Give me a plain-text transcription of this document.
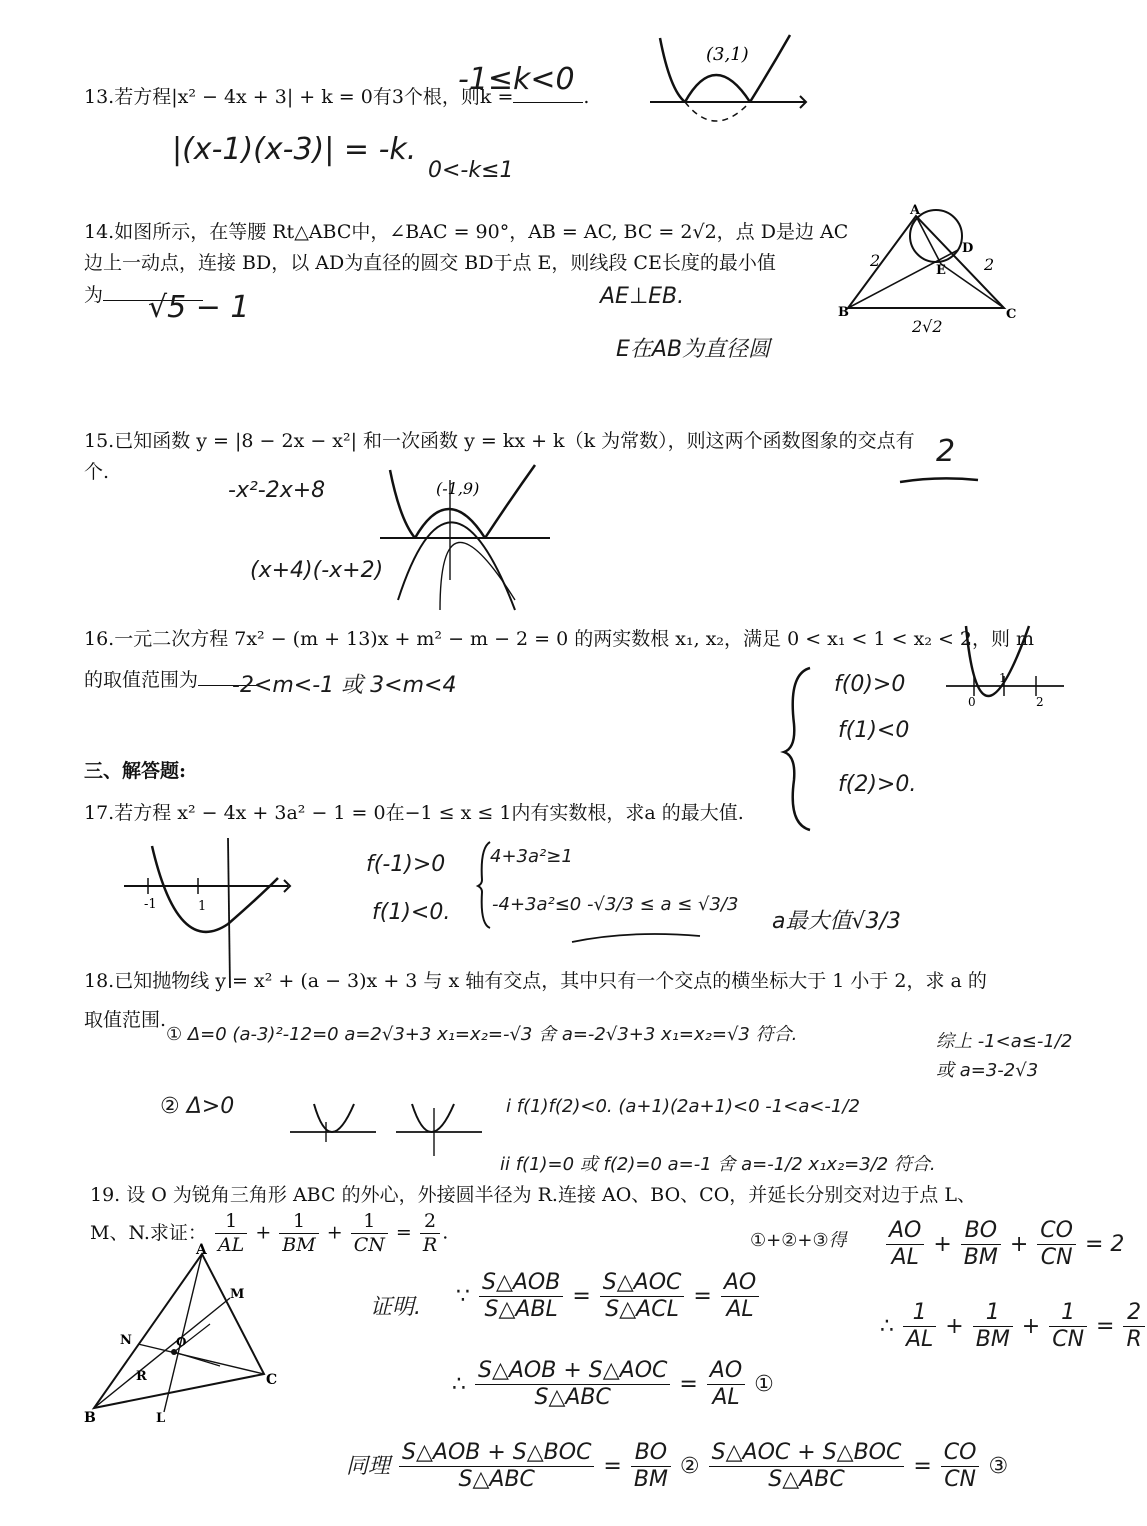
13.若方程|x² − 4x + 3| + k = 0有3个根，则k =	.
-1≤k<0
|(x-1)(x-3)| = -k.
0<-k≤1
(3,1)
14.如图所示，在等腰 Rt△ABC中，∠BAC = 90°，AB = AC, BC = 2√2，点 D是边 AC
边上一动点，连接 BD，以 AD为直径的圆交 BD于点 E，则线段 CE长度的最小值
为	√5 − 1	AE⊥EB.
E在AB为直径圆
A
D
E
B	C
2	2
2√2
15.已知函数 y = |8 − 2x − x²| 和一次函数 y = kx + k（k 为常数），则这两个函数图象的交点有
个.
2
-x²-2x+8
(x+4)(-x+2)
(-1,9)
16.一元二次方程 7x² − (m + 13)x + m² − m − 2 = 0 的两实数根 x₁, x₂，满足 0 < x₁ < 1 < x₂ < 2，则 m
的取值范围为	-2<m<-1 或 3<m<4	f(0)>0
f(1)<0
f(2)>0.
0
1
2
三、解答题:
17.若方程 x² − 4x + 3a² − 1 = 0在−1 ≤ x ≤ 1内有实数根，求a 的最大值.
-1	1
f(-1)>0
f(1)<0.
4+3a²≥1
-4+3a²≤0 -√3/3 ≤ a ≤ √3/3
a最大值√3/3
18.已知抛物线 y = x² + (a − 3)x + 3 与 x 轴有交点，其中只有一个交点的横坐标大于 1 小于 2，求 a 的
取值范围.
① Δ=0 (a-3)²-12=0 a=2√3+3 x₁=x₂=-√3 舍 a=-2√3+3 x₁=x₂=√3 符合.
② Δ>0	i f(1)f(2)<0. (a+1)(2a+1)<0 -1<a<-1/2
ii f(1)=0 或 f(2)=0 a=-1 舍 a=-1/2 x₁x₂=3/2 符合.
综上 -1<a≤-1/2 或 a=3-2√3
19. 设 O 为锐角三角形 ABC 的外心，外接圆半径为 R.连接 AO、BO、CO，并延长分别交对边于点 L、
M、N.求证： $\frac{1}{AL} + \frac{1}{BM} + \frac{1}{CN} = \frac{2}{R}$ .
A
B
C
O
L
M
N
R
证明. ∵ $\frac{\text{S△AOB}}{\text{S△ABL}} = \frac{\text{S△AOC}}{\text{S△ACL}} = \frac{AO}{AL}$
∴ $\frac{\text{S△AOB + S△AOC}}{\text{S△ABC}} = \frac{AO}{AL}$ ①
同理 $\frac{\text{S△AOB + S△BOC}}{\text{S△ABC}} = \frac{BO}{BM}$ ② $\frac{\text{S△AOC + S△BOC}}{\text{S△ABC}} = \frac{CO}{CN}$ ③
①+②+③得 $\frac{AO}{AL} + \frac{BO}{BM} + \frac{CO}{CN} = 2$
∴ $\frac{1}{AL} + \frac{1}{BM} + \frac{1}{CN} = \frac{2}{R}$
